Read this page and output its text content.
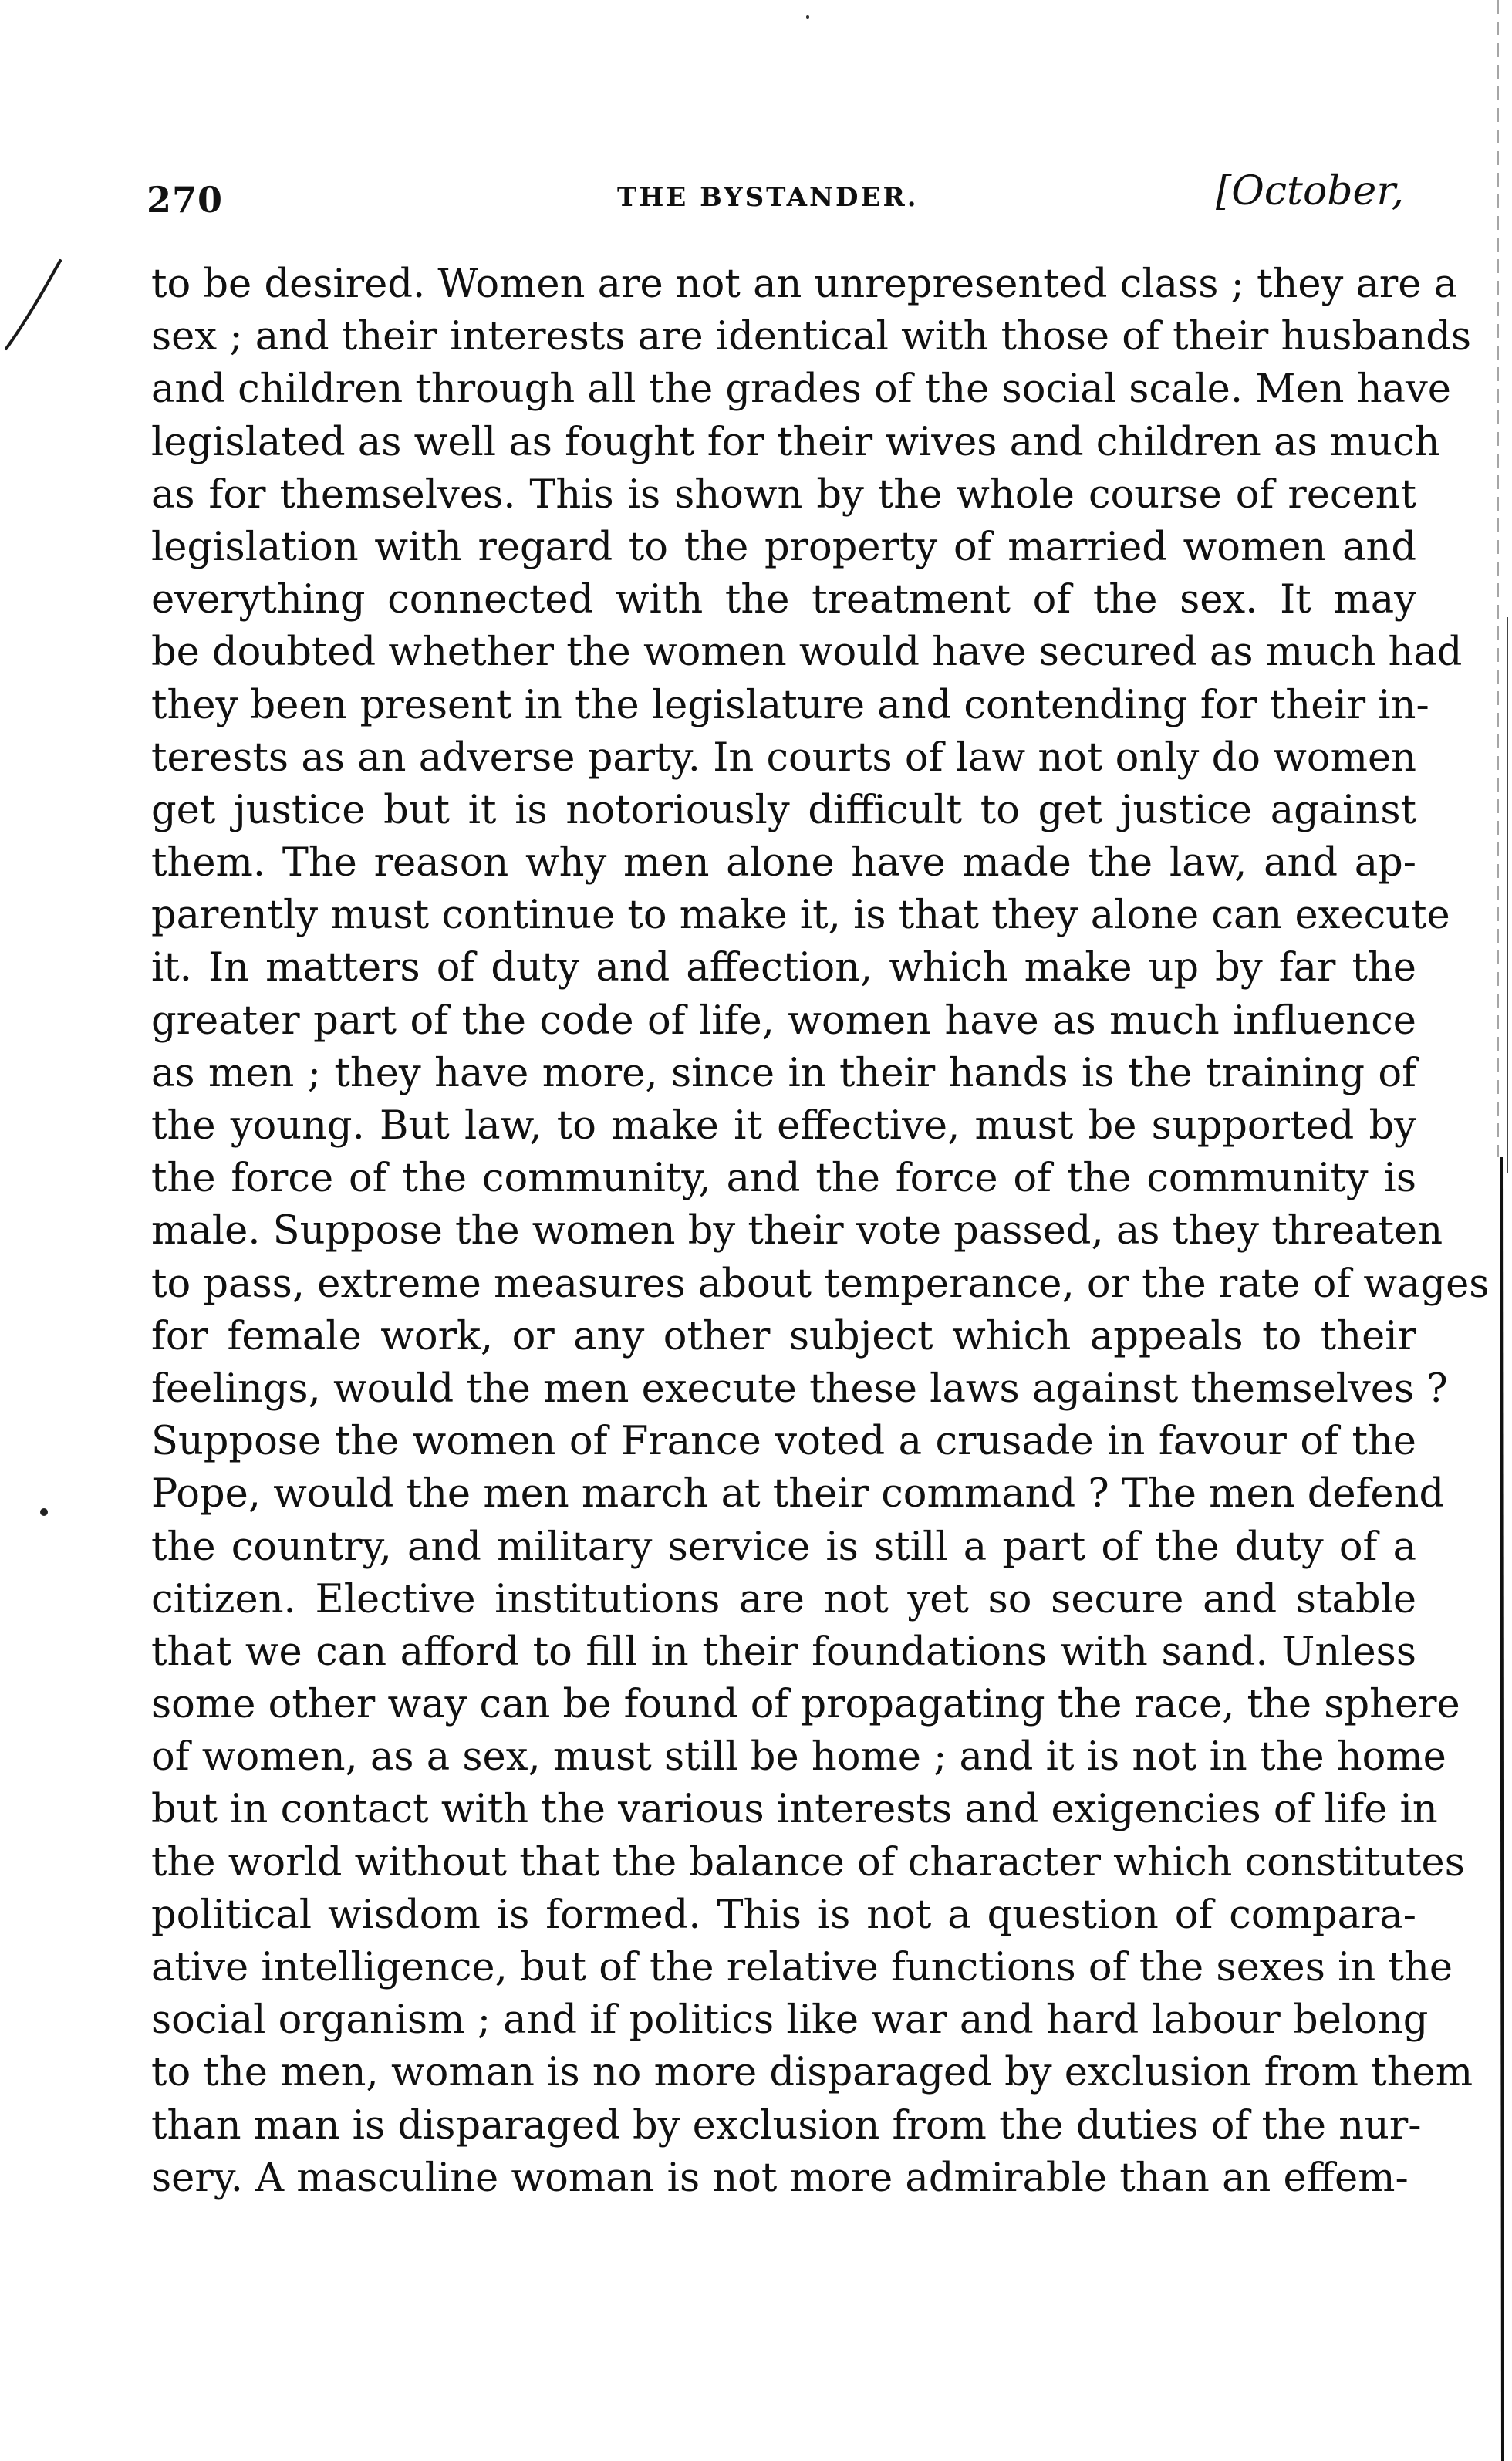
270	THE BYSTANDER.	[October,
to be desired. Women are not an unrepresented class ; they are a
sex ; and their interests are identical with those of their husbands
and children through all the grades of the social scale. Men have
legislated as well as fought for their wives and children as much
as for themselves. This is shown by the whole course of recent
legislation with regard to the property of married women and
everything connected with the treatment of the sex. It may
be doubted whether the women would have secured as much had
they been present in the legislature and contending for their in-
terests as an adverse party. In courts of law not only do women
get justice but it is notoriously difficult to get justice against
them. The reason why men alone have made the law, and ap-
parently must continue to make it, is that they alone can execute
it. In matters of duty and affection, which make up by far the
greater part of the code of life, women have as much influence
as men ; they have more, since in their hands is the training of
the young. But law, to make it effective, must be supported by
the force of the community, and the force of the community is
male. Suppose the women by their vote passed, as they threaten
to pass, extreme measures about temperance, or the rate of wages
for female work, or any other subject which appeals to their
feelings, would the men execute these laws against themselves ?
Suppose the women of France voted a crusade in favour of the
Pope, would the men march at their command ? The men defend
the country, and military service is still a part of the duty of a
citizen. Elective institutions are not yet so secure and stable
that we can afford to fill in their foundations with sand. Unless
some other way can be found of propagating the race, the sphere
of women, as a sex, must still be home ; and it is not in the home
but in contact with the various interests and exigencies of life in
the world without that the balance of character which constitutes
political wisdom is formed. This is not a question of compara-
ative intelligence, but of the relative functions of the sexes in the
social organism ; and if politics like war and hard labour belong
to the men, woman is no more disparaged by exclusion from them
than man is disparaged by exclusion from the duties of the nur-
sery. A masculine woman is not more admirable than an effem-
